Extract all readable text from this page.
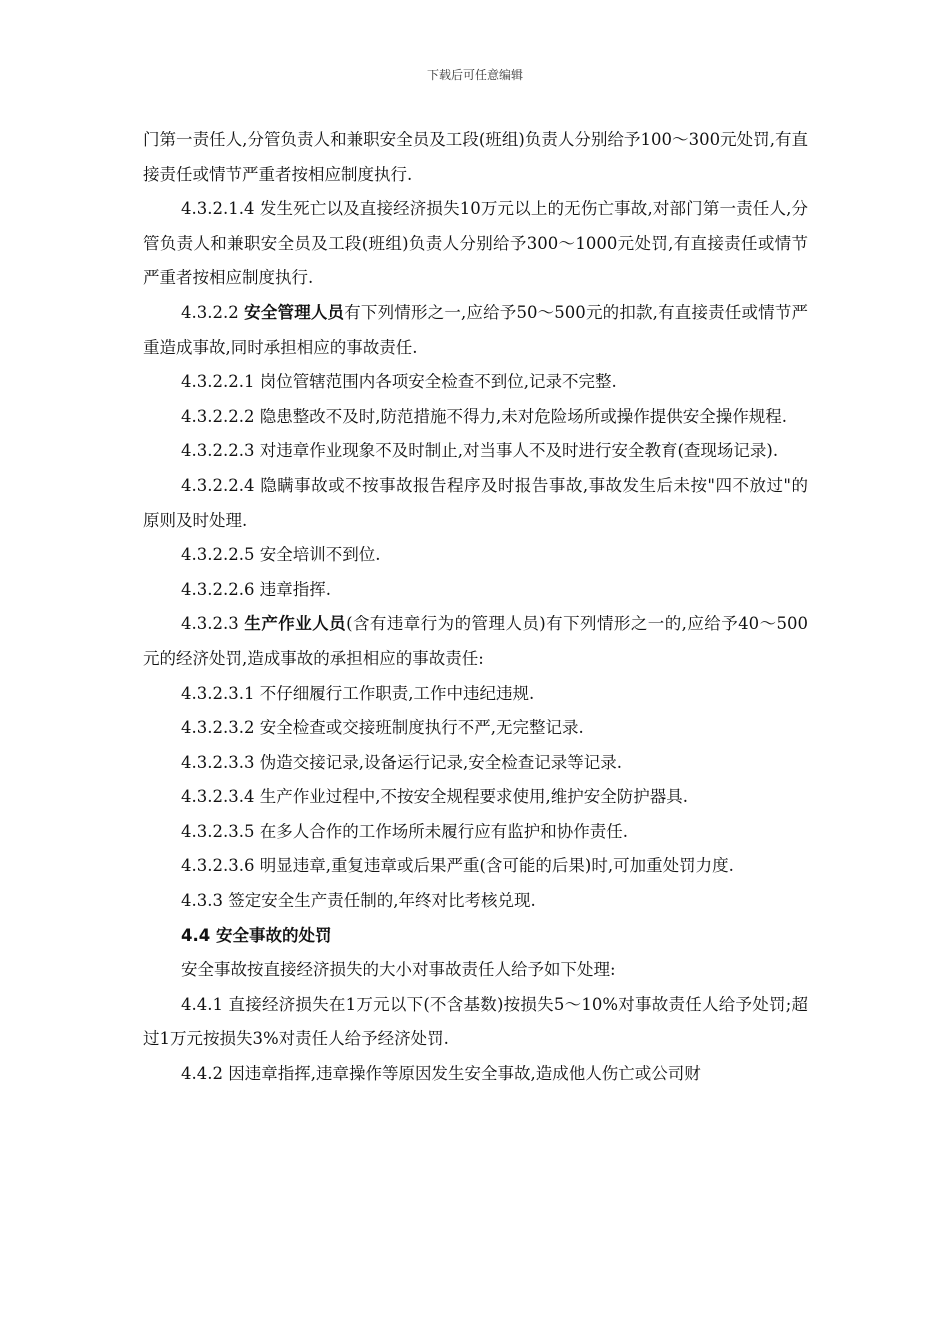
下载后可任意编辑

门第一责任人,分管负责人和兼职安全员及工段(班组)负责人分别给予100～300元处罚,有直接责任或情节严重者按相应制度执行.

4.3.2.1.4 发生死亡以及直接经济损失10万元以上的无伤亡事故,对部门第一责任人,分管负责人和兼职安全员及工段(班组)负责人分别给予300～1000元处罚,有直接责任或情节严重者按相应制度执行.

4.3.2.2 安全管理人员有下列情形之一,应给予50～500元的扣款,有直接责任或情节严重造成事故,同时承担相应的事故责任.

4.3.2.2.1 岗位管辖范围内各项安全检查不到位,记录不完整.

4.3.2.2.2 隐患整改不及时,防范措施不得力,未对危险场所或操作提供安全操作规程.

4.3.2.2.3 对违章作业现象不及时制止,对当事人不及时进行安全教育(查现场记录).

4.3.2.2.4 隐瞒事故或不按事故报告程序及时报告事故,事故发生后未按"四不放过"的原则及时处理.

4.3.2.2.5 安全培训不到位.

4.3.2.2.6 违章指挥.

4.3.2.3 生产作业人员(含有违章行为的管理人员)有下列情形之一的,应给予40～500元的经济处罚,造成事故的承担相应的事故责任:

4.3.2.3.1 不仔细履行工作职责,工作中违纪违规.

4.3.2.3.2 安全检查或交接班制度执行不严,无完整记录.

4.3.2.3.3 伪造交接记录,设备运行记录,安全检查记录等记录.

4.3.2.3.4 生产作业过程中,不按安全规程要求使用,维护安全防护器具.

4.3.2.3.5 在多人合作的工作场所未履行应有监护和协作责任.

4.3.2.3.6 明显违章,重复违章或后果严重(含可能的后果)时,可加重处罚力度.

4.3.3 签定安全生产责任制的,年终对比考核兑现.

4.4 安全事故的处罚

安全事故按直接经济损失的大小对事故责任人给予如下处理:

4.4.1 直接经济损失在1万元以下(不含基数)按损失5～10%对事故责任人给予处罚;超过1万元按损失3%对责任人给予经济处罚.

4.4.2 因违章指挥,违章操作等原因发生安全事故,造成他人伤亡或公司财
